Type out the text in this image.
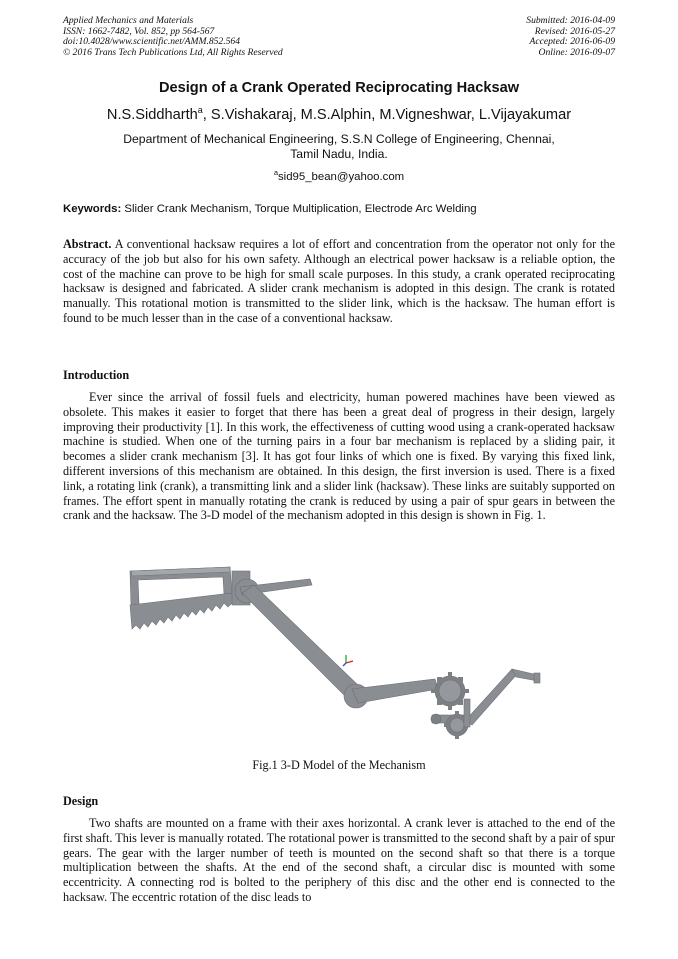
Applied Mechanics and Materials
ISSN: 1662-7482, Vol. 852, pp 564-567
doi:10.4028/www.scientific.net/AMM.852.564
© 2016 Trans Tech Publications Ltd, All Rights Reserved
Submitted: 2016-04-09
Revised: 2016-05-27
Accepted: 2016-06-09
Online: 2016-09-07
Design of a Crank Operated Reciprocating Hacksaw
N.S.Siddharth$^a$, S.Vishakaraj, M.S.Alphin, M.Vigneshwar, L.Vijayakumar
Department of Mechanical Engineering, S.S.N College of Engineering, Chennai,
Tamil Nadu, India.
$^a$sid95_bean@yahoo.com
Keywords: Slider Crank Mechanism, Torque Multiplication, Electrode Arc Welding

Abstract. A conventional hacksaw requires a lot of effort and concentration from the operator not only for the accuracy of the job but also for his own safety. Although an electrical power hacksaw is a reliable option, the cost of the machine can prove to be high for small scale purposes. In this study, a crank operated reciprocating hacksaw is designed and fabricated. A slider crank mechanism is adopted in this design. The crank is rotated manually. This rotational motion is transmitted to the slider link, which is the hacksaw. The human effort is found to be much lesser than in the case of a conventional hacksaw.

Introduction

Ever since the arrival of fossil fuels and electricity, human powered machines have been viewed as obsolete. This makes it easier to forget that there has been a great deal of progress in their design, largely improving their productivity [1]. In this work, the effectiveness of cutting wood using a crank-operated hacksaw machine is studied. When one of the turning pairs in a four bar mechanism is replaced by a sliding pair, it becomes a slider crank mechanism [3]. It has got four links of which one is fixed. By varying this fixed link, different inversions of this mechanism are obtained. In this design, the first inversion is used. There is a fixed link, a rotating link (crank), a transmitting link and a slider link (hacksaw). These links are suitably supported on frames. The effort spent in manually rotating the crank is reduced by using a pair of spur gears in between the crank and the hacksaw. The 3-D model of the mechanism adopted in this design is shown in Fig. 1.

Fig.1 3-D Model of the Mechanism
Design

Two shafts are mounted on a frame with their axes horizontal. A crank lever is attached to the end of the first shaft. This lever is manually rotated. The rotational power is transmitted to the second shaft by a pair of spur gears. The gear with the larger number of teeth is mounted on the second shaft so that there is a torque multiplication between the shafts. At the end of the second shaft, a circular disc is mounted with some eccentricity. A connecting rod is bolted to the periphery of this disc and the other end is connected to the hacksaw. The eccentric rotation of the disc leads to
